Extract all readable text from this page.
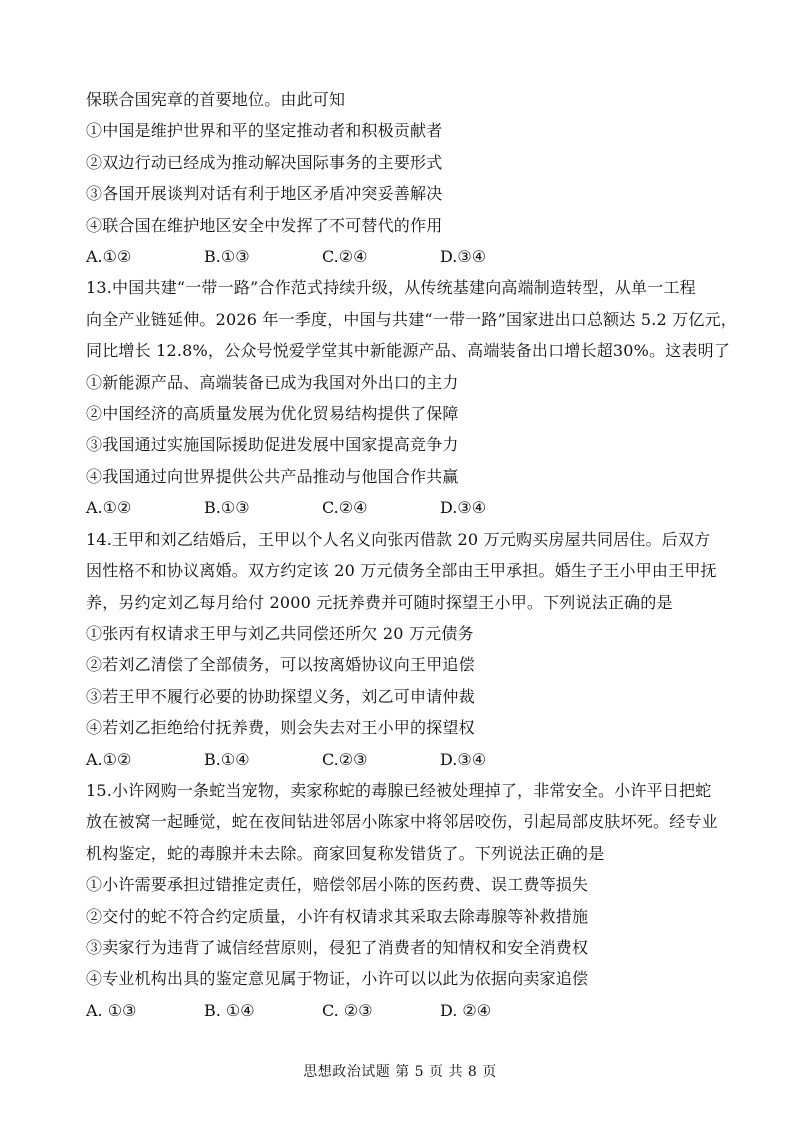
保联合国宪章的首要地位。由此可知
①中国是维护世界和平的坚定推动者和积极贡献者
②双边行动已经成为推动解决国际事务的主要形式
③各国开展谈判对话有利于地区矛盾冲突妥善解决
④联合国在维护地区安全中发挥了不可替代的作用
A.①②	B.①③	C.②④	D.③④
13.中国共建“一带一路”合作范式持续升级，从传统基建向高端制造转型，从单一工程
向全产业链延伸。2026 年一季度，中国与共建“一带一路”国家进出口总额达 5.2 万亿元，
同比增长 12.8%，公众号悦爱学堂其中新能源产品、高端装备出口增长超30%。这表明了
①新能源产品、高端装备已成为我国对外出口的主力
②中国经济的高质量发展为优化贸易结构提供了保障
③我国通过实施国际援助促进发展中国家提高竞争力
④我国通过向世界提供公共产品推动与他国合作共赢
A.①②	B.①③	C.②④	D.③④
14.王甲和刘乙结婚后，王甲以个人名义向张丙借款 20 万元购买房屋共同居住。后双方
因性格不和协议离婚。双方约定该 20 万元债务全部由王甲承担。婚生子王小甲由王甲抚
养，另约定刘乙每月给付 2000 元抚养费并可随时探望王小甲。下列说法正确的是
①张丙有权请求王甲与刘乙共同偿还所欠 20 万元债务
②若刘乙清偿了全部债务，可以按离婚协议向王甲追偿
③若王甲不履行必要的协助探望义务，刘乙可申请仲裁
④若刘乙拒绝给付抚养费，则会失去对王小甲的探望权
A.①②	B.①④	C.②③	D.③④
15.小许网购一条蛇当宠物，卖家称蛇的毒腺已经被处理掉了，非常安全。小许平日把蛇
放在被窝一起睡觉，蛇在夜间钻进邻居小陈家中将邻居咬伤，引起局部皮肤坏死。经专业
机构鉴定，蛇的毒腺并未去除。商家回复称发错货了。下列说法正确的是
①小许需要承担过错推定责任，赔偿邻居小陈的医药费、误工费等损失
②交付的蛇不符合约定质量，小许有权请求其采取去除毒腺等补救措施
③卖家行为违背了诚信经营原则，侵犯了消费者的知情权和安全消费权
④专业机构出具的鉴定意见属于物证，小许可以以此为依据向卖家追偿
A. ①③	B. ①④	C. ②③	D. ②④
思想政治试题 第 5 页 共 8 页
